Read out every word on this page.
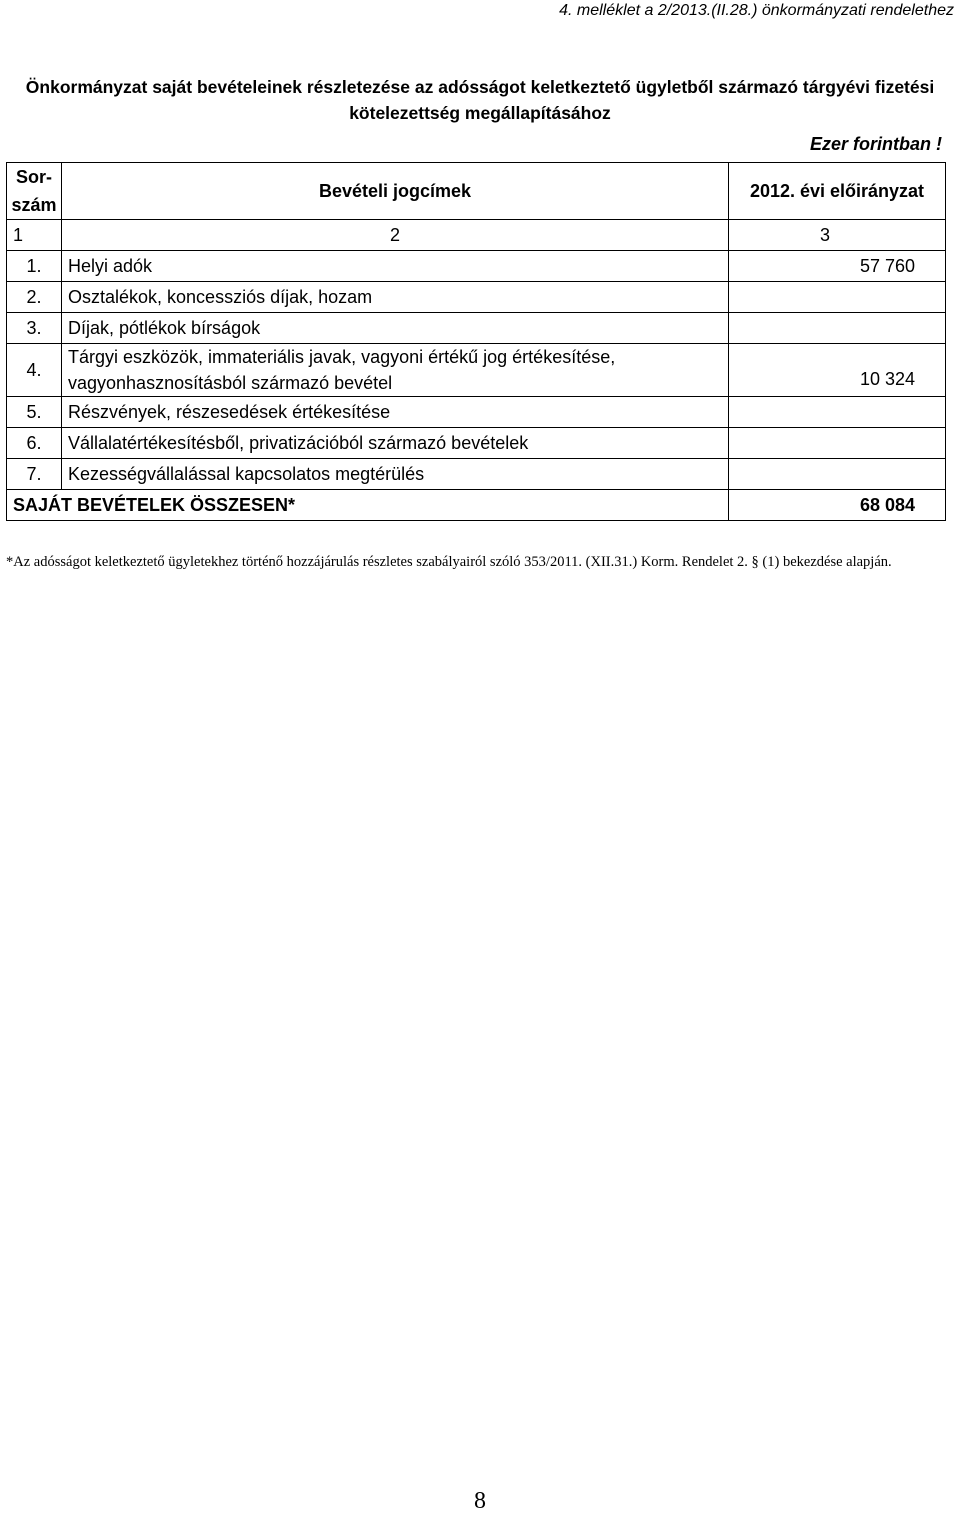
4. melléklet a 2/2013.(II.28.) önkormányzati rendelethez
Önkormányzat saját bevételeinek részletezése az adósságot keletkeztető ügyletből származó tárgyévi fizetési
kötelezettség megállapításához
Ezer forintban !
Sor-
szám	Bevételi jogcímek	2012. évi előirányzat
1	2	3
1.	Helyi adók	57 760
2.	Osztalékok, koncessziós díjak, hozam	
3.	Díjak, pótlékok bírságok	
4.	Tárgyi eszközök, immateriális javak, vagyoni értékű jog értékesítése,
vagyonhasznosításból származó bevétel	10 324
5.	Részvények, részesedések értékesítése	
6.	Vállalatértékesítésből, privatizációból származó bevételek	
7.	Kezességvállalással kapcsolatos megtérülés	
SAJÁT BEVÉTELEK ÖSSZESEN*		68 084
*Az adósságot keletkeztető ügyletekhez történő hozzájárulás részletes szabályairól szóló 353/2011. (XII.31.) Korm. Rendelet 2. § (1) bekezdése alapján.
8
